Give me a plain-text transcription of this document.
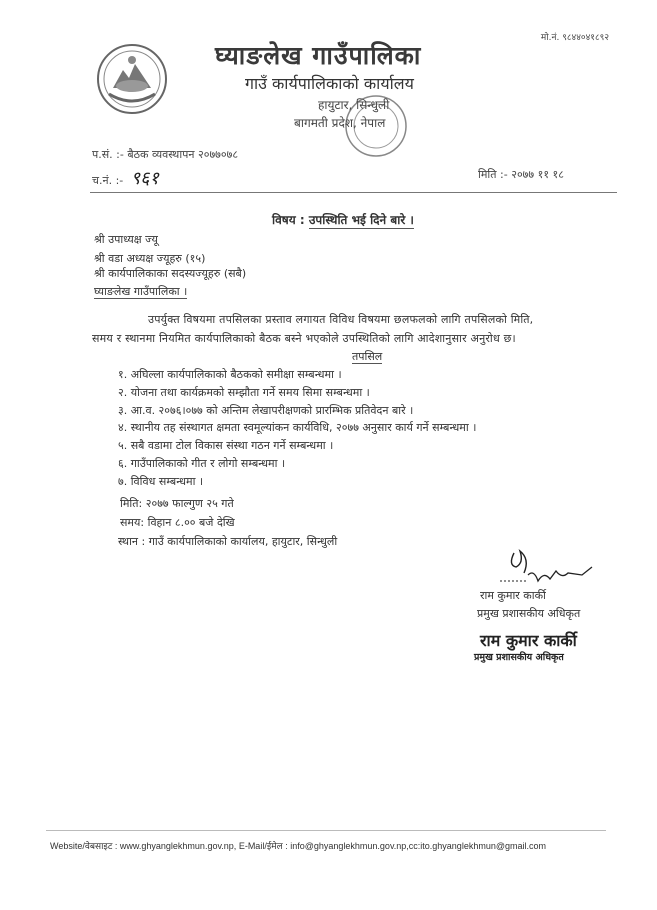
मो.नं. ९८४४०४१८९२
घ्याङलेख गाउँपालिका
गाउँ कार्यपालिकाको कार्यालय
हायुटार, सिन्धुली
बागमती प्रदेश, नेपाल
प.सं. :- बैठक व्यवस्थापन २०७७०७८
च.नं. :- ९६१	मिति :- २०७७ ११ १८
विषय : उपस्थिति भई दिने बारे ।
श्री उपाध्यक्ष ज्यू
श्री वडा अध्यक्ष ज्यूहरु (१५)
श्री कार्यपालिकाका सदस्यज्यूहरु (सबै)
घ्याङलेख गाउँपालिका ।
उपर्युक्त विषयमा तपसिलका प्रस्ताव लगायत विविध विषयमा छलफलको लागि तपसिलको मिति,
समय र स्थानमा नियमित कार्यपालिकाको बैठक बस्ने भएकोले उपस्थितिको लागि आदेशानुसार अनुरोध छ।
तपसिल
१. अघिल्ला कार्यपालिकाको बैठकको समीक्षा सम्बन्धमा ।
२. योजना तथा कार्यक्रमको सम्झौता गर्ने समय सिमा सम्बन्धमा ।
३. आ.व. २०७६।०७७ को अन्तिम लेखापरीक्षणको प्रारम्भिक प्रतिवेदन बारे ।
४. स्थानीय तह संस्थागत क्षमता स्वमूल्यांकन कार्यविधि, २०७७ अनुसार कार्य गर्ने सम्बन्धमा ।
५. सबै वडामा टोल विकास संस्था गठन गर्ने सम्बन्धमा ।
६. गाउँपालिकाको गीत र लोगो सम्बन्धमा ।
७. विविध सम्बन्धमा ।
मिति: २०७७ फाल्गुण २५ गते
समय: विहान ८.०० बजे देखि
स्थान : गाउँ कार्यपालिकाको कार्यालय, हायुटार, सिन्धुली
राम कुमार कार्की
प्रमुख प्रशासकीय अधिकृत
राम कुमार कार्की
प्रमुख प्रशासकीय अधिकृत
Website/वेबसाइट : www.ghyanglekhmun.gov.np, E-Mail/ईमेल : info@ghyanglekhmun.gov.np,cc:ito.ghyanglekhmun@gmail.com
